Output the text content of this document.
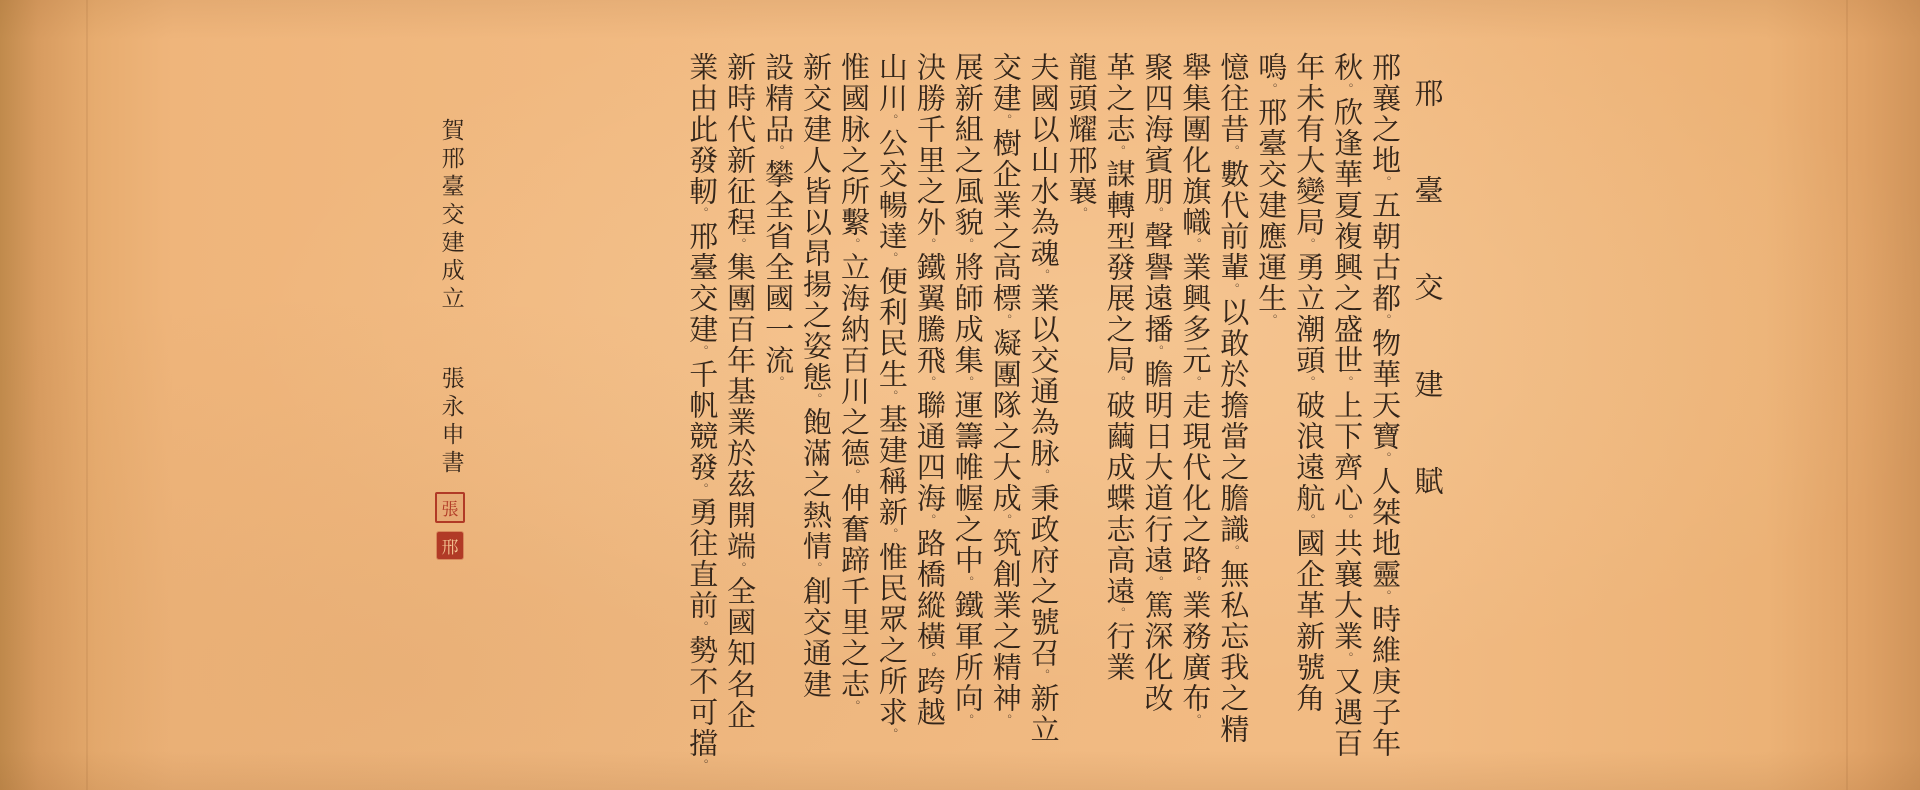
邢臺交建賦
邢襄之地。五朝古都。物華天寶。人桀地靈。時維庚子年
秋。欣逢華夏複興之盛世。上下齊心。共襄大業。又遇百
年未有大變局。勇立潮頭。破浪遠航。國企革新號角
鳴。邢臺交建應運生。
憶往昔。數代前輩。以敢於擔當之膽識。無私忘我之精
舉集團化旗幟。業興多元。走現代化之路。業務廣布。
聚四海賓朋。聲譽遠播。瞻明日大道行遠。篤深化改
革之志。謀轉型發展之局。破繭成蝶志高遠。行業
龍頭耀邢襄。
夫國以山水為魂。業以交通為脉。秉政府之號召。新立
交建。樹企業之高標。凝團隊之大成。筑創業之精神。
展新組之風貌。將師成集。運籌帷幄之中。鐵軍所向。
決勝千里之外。鐵翼騰飛。聯通四海。路橋縱橫。跨越
山川。公交暢達。便利民生。基建稱新。惟民眾之所求。
惟國脉之所繫。立海納百川之德。伸奮蹄千里之志。
新交建人皆以昂揚之姿態。飽滿之熱情。創交通建
設精品。攀全省全國一流。
新時代新征程。集團百年基業於茲開端。全國知名企
業由此發軔。邢臺交建。千帆競發。勇往直前。勢不可擋。
賀邢臺交建成立張永申書
張
邢
